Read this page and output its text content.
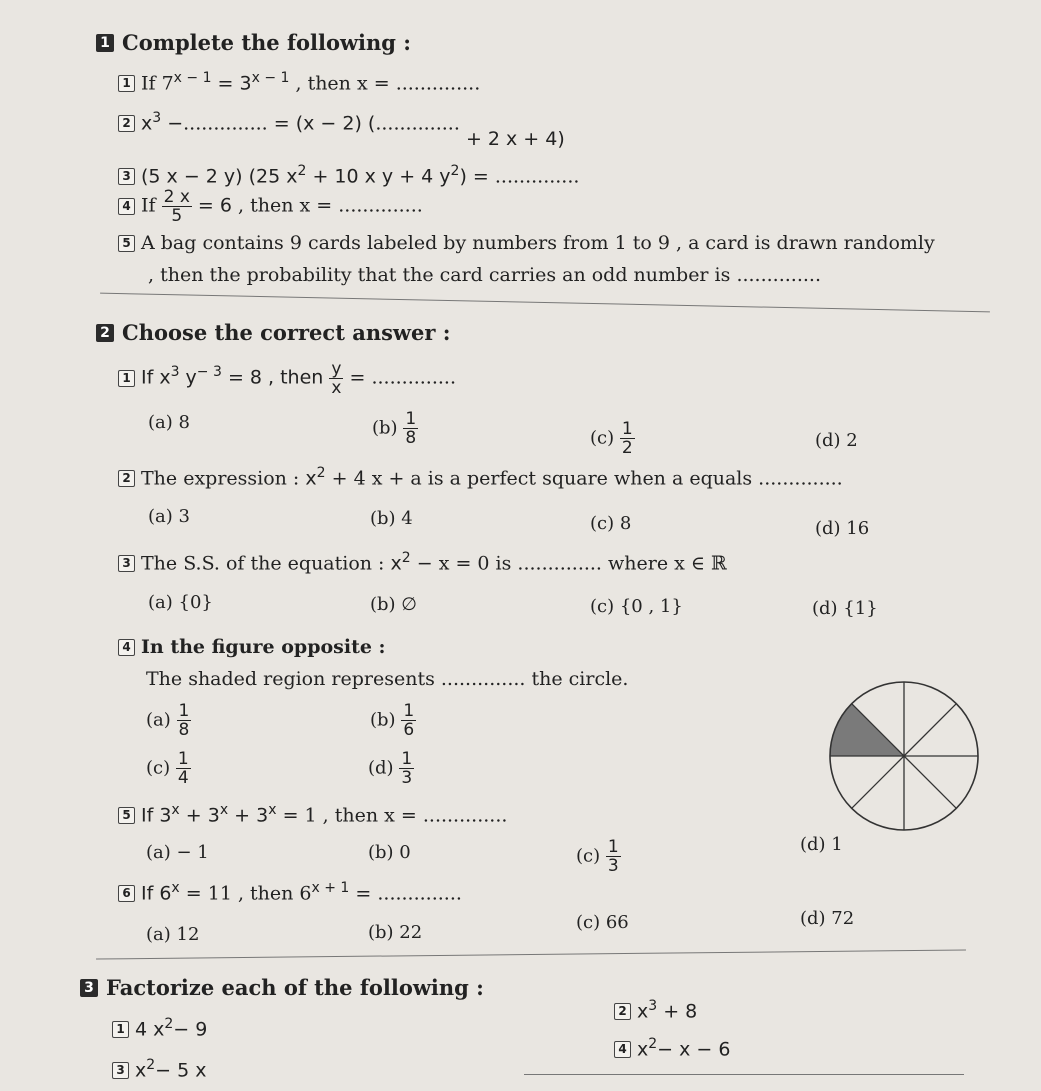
1 Complete the following :
1 If $7^{x - 1} = 3^{x - 1}$ , then x = ..............
2 $x^3$ −.............. = (x − 2) (.............. + 2 x + 4)
3 (5 x − 2 y) (25 $x^2 + 10$ x y + 4 $y^2$) = ..............
4 If $\frac{2 x}{5} = 6$ , then x = ..............
5 A bag contains 9 cards labeled by numbers from 1 to 9 , a card is drawn randomly
, then the probability that the card carries an odd number is ..............
2 Choose the correct answer :
1 If $x^3$ $y^{- 3} = 8$ , then $\frac{y}{x}$ = ..............
(a) 8	$(b) \frac{1}{8}$	$(c) \frac{1}{2}$	(d) 2
2 The expression : $x^2 + 4$ x + a is a perfect square when a equals ..............
(a) 3	(b) 4	(c) 8	(d) 16
3 The S.S. of the equation : $x^2 - x = 0$ is .............. where x ∈ ℝ
(a) {0}	(b) ∅	(c) {0 , 1}	(d) {1}
4 In the figure opposite :
The shaded region represents .............. the circle.
$(a) \frac{1}{8}$	$(b) \frac{1}{6}$
$(c) \frac{1}{4}$	$(d) \frac{1}{3}$
5 If $3^x + 3^x + 3^x = 1$ , then x = ..............
(a) − 1	(b) 0	$(c) \frac{1}{3}$	(d) 1
6 If $6^x = 11$ , then $6^{x + 1}$ = ..............
(a) 12	(b) 22	(c) 66	(d) 72
3 Factorize each of the following :
1 4 $x^2- 9$
2 $x^3 + 8$
3 $x^2- 5$ x
4 $x^2- x - 6$
